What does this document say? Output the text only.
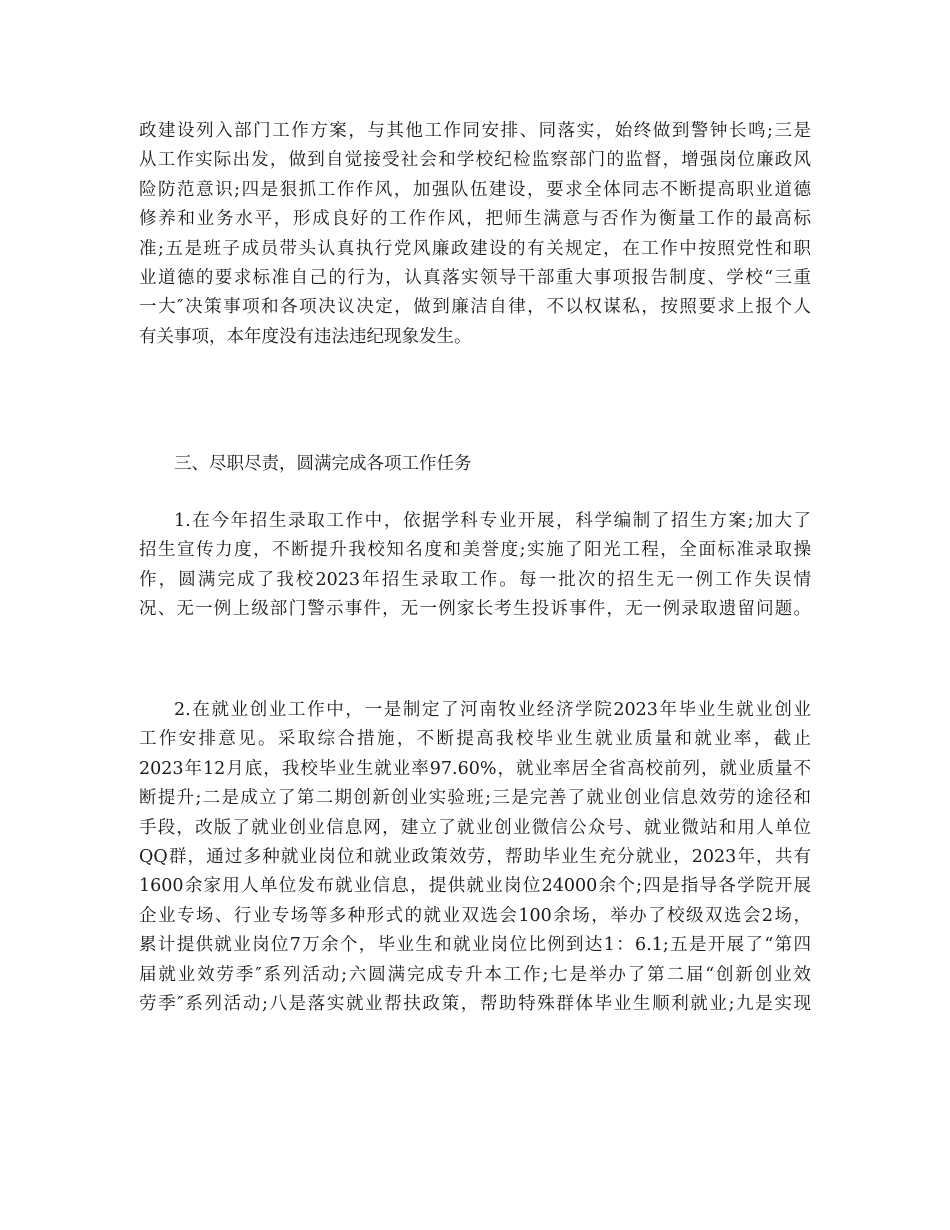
政建设列入部门工作方案，与其他工作同安排、同落实，始终做到警钟长鸣;三是
从工作实际出发，做到自觉接受社会和学校纪检监察部门的监督，增强岗位廉政风
险防范意识;四是狠抓工作作风，加强队伍建设，要求全体同志不断提高职业道德
修养和业务水平，形成良好的工作作风，把师生满意与否作为衡量工作的最高标
准;五是班子成员带头认真执行党风廉政建设的有关规定，在工作中按照党性和职
业道德的要求标准自己的行为，认真落实领导干部重大事项报告制度、学校“三重
一大″决策事项和各项决议决定，做到廉洁自律，不以权谋私，按照要求上报个人
有关事项，本年度没有违法违纪现象发生。
三、尽职尽责，圆满完成各项工作任务
1.在今年招生录取工作中，依据学科专业开展，科学编制了招生方案;加大了
招生宣传力度，不断提升我校知名度和美誉度;实施了阳光工程，全面标准录取操
作，圆满完成了我校2023年招生录取工作。每一批次的招生无一例工作失误情
况、无一例上级部门警示事件，无一例家长考生投诉事件，无一例录取遗留问题。
2.在就业创业工作中，一是制定了河南牧业经济学院2023年毕业生就业创业
工作安排意见。采取综合措施，不断提高我校毕业生就业质量和就业率，截止
2023年12月底，我校毕业生就业率97.60%，就业率居全省高校前列，就业质量不
断提升;二是成立了第二期创新创业实验班;三是完善了就业创业信息效劳的途径和
手段，改版了就业创业信息网，建立了就业创业微信公众号、就业微站和用人单位
QQ群，通过多种就业岗位和就业政策效劳，帮助毕业生充分就业，2023年，共有
1600余家用人单位发布就业信息，提供就业岗位24000余个;四是指导各学院开展
企业专场、行业专场等多种形式的就业双选会100余场，举办了校级双选会2场，
累计提供就业岗位7万余个，毕业生和就业岗位比例到达1：6.1;五是开展了“第四
届就业效劳季″系列活动;六圆满完成专升本工作;七是举办了第二届“创新创业效
劳季″系列活动;八是落实就业帮扶政策，帮助特殊群体毕业生顺利就业;九是实现
